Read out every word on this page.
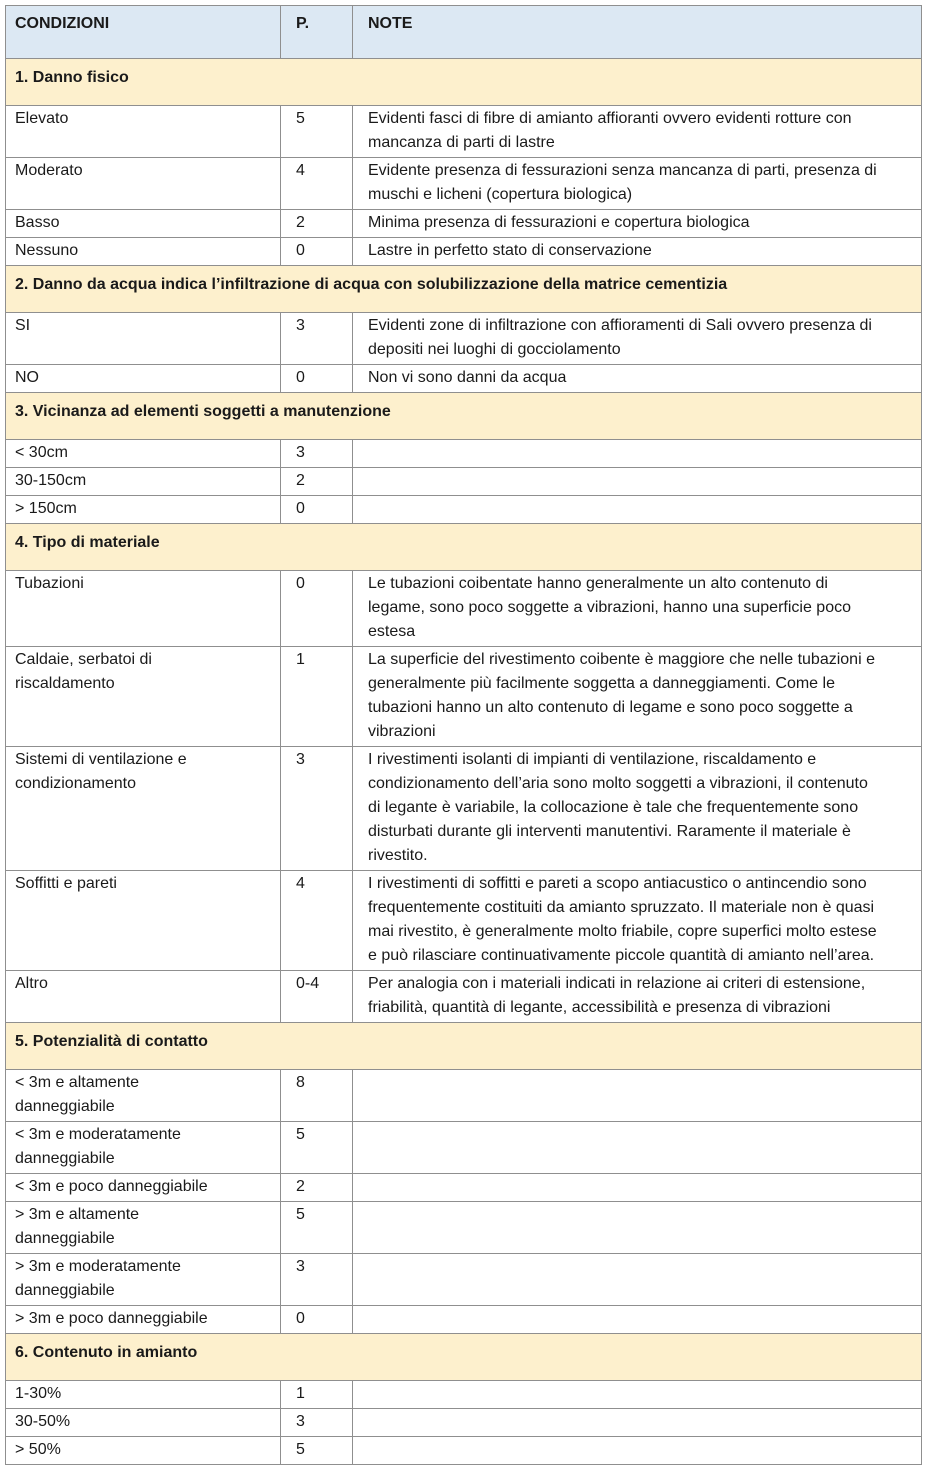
CONDIZIONI	P.	NOTE
1. Danno fisico		
Elevato	5	Evidenti fasci di fibre di amianto affioranti ovvero evidenti rotture con mancanza di parti di lastre
Moderato	4	Evidente presenza di fessurazioni senza mancanza di parti, presenza di muschi e licheni (copertura biologica)
Basso	2	Minima presenza di fessurazioni e copertura biologica
Nessuno	0	Lastre in perfetto stato di conservazione
2. Danno da acqua indica l’infiltrazione di acqua con solubilizzazione della matrice cementizia		
SI	3	Evidenti zone di infiltrazione con affioramenti di Sali ovvero presenza di depositi nei luoghi di gocciolamento
NO	0	Non vi sono danni da acqua
3. Vicinanza ad elementi soggetti a manutenzione		
< 30cm	3	
30-150cm	2	
> 150cm	0	
4. Tipo di materiale		
Tubazioni	0	Le tubazioni coibentate hanno generalmente un alto contenuto di legame, sono poco soggette a vibrazioni, hanno una superficie poco estesa
Caldaie, serbatoi di riscaldamento	1	La superficie del rivestimento coibente è maggiore che nelle tubazioni e generalmente più facilmente soggetta a danneggiamenti. Come le tubazioni hanno un alto contenuto di legame e sono poco soggette a vibrazioni
Sistemi di ventilazione e condizionamento	3	I rivestimenti isolanti di impianti di ventilazione, riscaldamento e condizionamento dell’aria sono molto soggetti a vibrazioni, il contenuto di legante è variabile, la collocazione è tale che frequentemente sono disturbati durante gli interventi manutentivi. Raramente il materiale è rivestito.
Soffitti e pareti	4	I rivestimenti di soffitti e pareti a scopo antiacustico o antincendio sono frequentemente costituiti da amianto spruzzato. Il materiale non è quasi mai rivestito, è generalmente molto friabile, copre superfici molto estese e può rilasciare continuativamente piccole quantità di amianto nell’area.
Altro	0-4	Per analogia con i materiali indicati in relazione ai criteri di estensione, friabilità, quantità di legante, accessibilità e presenza di vibrazioni
5. Potenzialità di contatto		
< 3m e altamente danneggiabile	8	
< 3m e moderatamente danneggiabile	5	
< 3m e poco danneggiabile	2	
> 3m e altamente danneggiabile	5	
> 3m e moderatamente danneggiabile	3	
> 3m e poco danneggiabile	0	
6. Contenuto in amianto		
1-30%	1	
30-50%	3	
> 50%	5	
